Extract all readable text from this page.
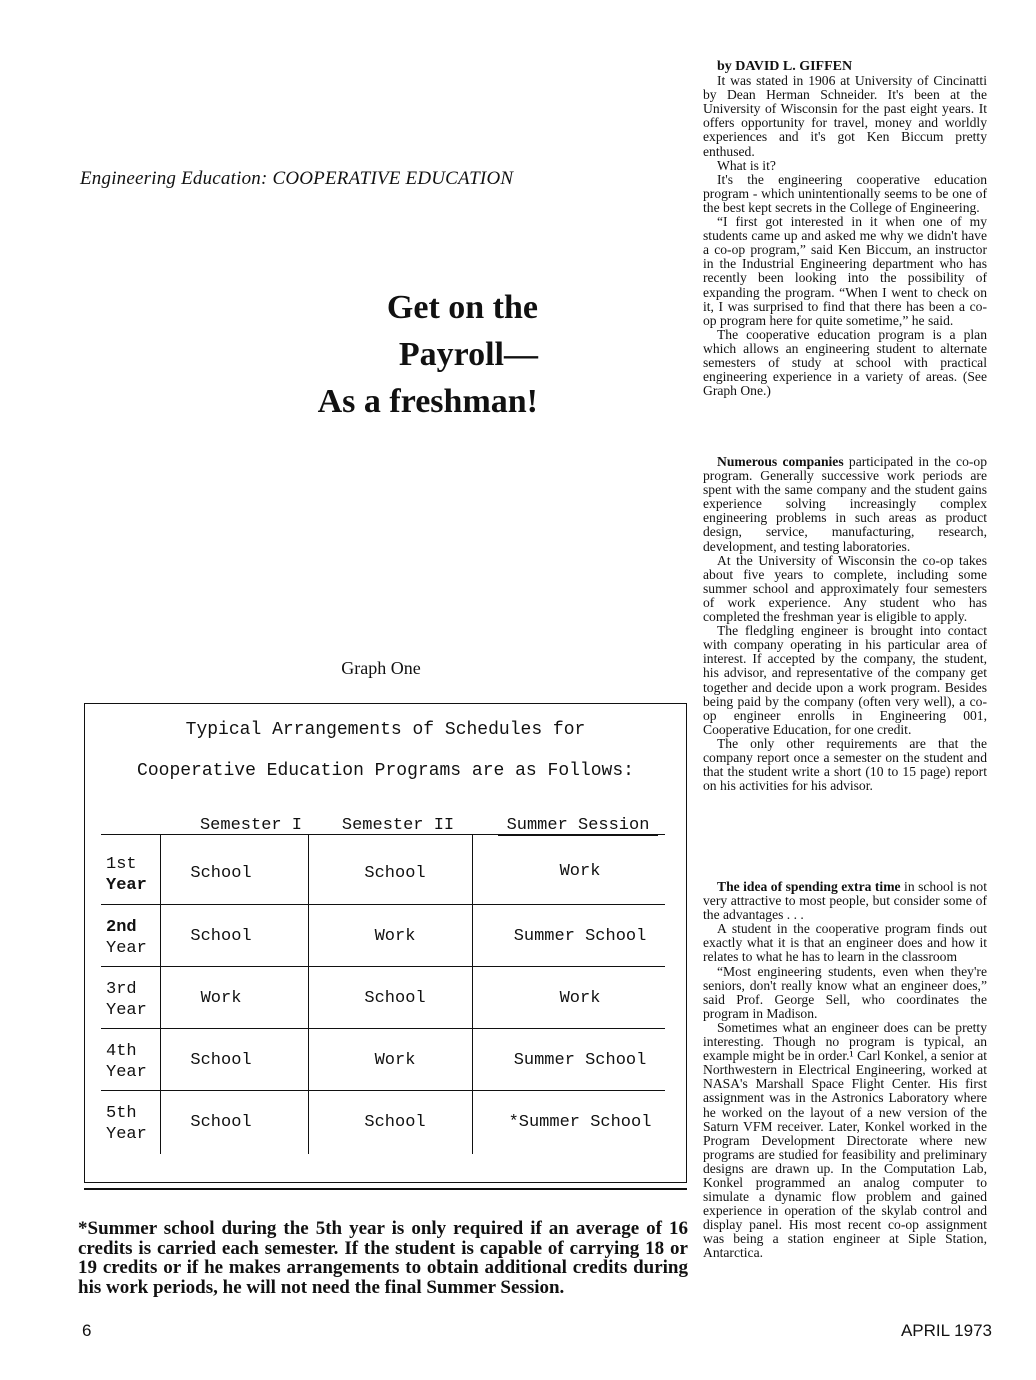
Engineering Education: COOPERATIVE EDUCATION
Get on the
Payroll—
As a freshman!
Graph One
Typical Arrangements of Schedules for
Cooperative Education Programs are as Follows:
Semester I	Semester II	Summer Session
1st
Year
School	School	Work
2nd
Year
School	Work	Summer School
3rd
Year
Work	School	Work
4th
Year
School	Work	Summer School
5th
Year
School	School	*Summer School
*Summer school during the 5th year is only required if an average of 16 credits is carried each semester. If the student is capable of carrying 18 or 19 credits or if he makes arrangements to obtain additional credits during his work periods, he will not need the final Summer Session.

by DAVID L. GIFFEN

It was stated in 1906 at University of Cincinatti by Dean Herman Schneider. It's been at the University of Wisconsin for the past eight years. It offers opportunity for travel, money and worldly experiences and it's got Ken Biccum pretty enthused.

What is it?

It's the engineering cooperative education program - which unintentionally seems to be one of the best kept secrets in the College of Engineering.

“I first got interested in it when one of my students came up and asked me why we didn't have a co-op program,” said Ken Biccum, an instructor in the Industrial Engineering department who has recently been looking into the possibility of expanding the program. “When I went to check on it, I was surprised to find that there has been a co-op program here for quite sometime,” he said.

The cooperative education program is a plan which allows an engineering student to alternate semesters of study at school with practical engineering experience in a variety of areas. (See Graph One.)

Numerous companies participated in the co-op program. Generally successive work periods are spent with the same company and the student gains experience solving increasingly complex engineering problems in such areas as product design, service, manufacturing, research, development, and testing laboratories.

At the University of Wisconsin the co-op takes about five years to complete, including some summer school and approximately four semesters of work experience. Any student who has completed the freshman year is eligible to apply.

The fledgling engineer is brought into contact with company operating in his particular area of interest. If accepted by the company, the student, his advisor, and representative of the company get together and decide upon a work program. Besides being paid by the company (often very well), a co-op engineer enrolls in Engineering 001, Cooperative Education, for one credit.

The only other requirements are that the company report once a semester on the student and that the student write a short (10 to 15 page) report on his activities for his advisor.

The idea of spending extra time in school is not very attractive to most people, but consider some of the advantages . . .

A student in the cooperative program finds out exactly what it is that an engineer does and how it relates to what he has to learn in the classroom

“Most engineering students, even when they're seniors, don't really know what an engineer does,” said Prof. George Sell, who coordinates the program in Madison.

Sometimes what an engineer does can be pretty interesting. Though no program is typical, an example might be in order.¹ Carl Konkel, a senior at Northwestern in Electrical Engineering, worked at NASA's Marshall Space Flight Center. His first assignment was in the Astronics Laboratory where he worked on the layout of a new version of the Saturn VFM receiver. Later, Konkel worked in the Program Development Directorate where new programs are studied for feasibility and preliminary designs are drawn up. In the Computation Lab, Konkel programmed an analog computer to simulate a dynamic flow problem and gained experience in operation of the skylab control and display panel. His most recent co-op assignment was being a station engineer at Siple Station, Antarctica.

6	APRIL 1973
